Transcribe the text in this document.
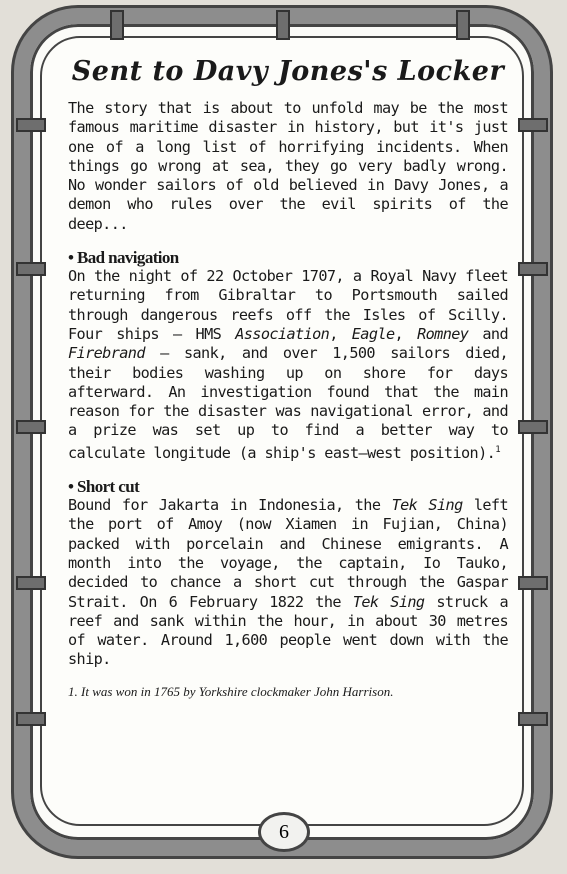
Sent to Davy Jones's Locker

The story that is about to unfold may be the most famous maritime disaster in history, but it's just one of a long list of horrifying incidents. When things go wrong at sea, they go very badly wrong. No wonder sailors of old believed in Davy Jones, a demon who rules over the evil spirits of the deep...

• Bad navigation
On the night of 22 October 1707, a Royal Navy fleet returning from Gibraltar to Portsmouth sailed through dangerous reefs off the Isles of Scilly. Four ships – HMS Association, Eagle, Romney and Firebrand – sank, and over 1,500 sailors died, their bodies washing up on shore for days afterward. An investigation found that the main reason for the disaster was navigational error, and a prize was set up to find a better way to calculate longitude (a ship's east–west position).$^1$
• Short cut
Bound for Jakarta in Indonesia, the Tek Sing left the port of Amoy (now Xiamen in Fujian, China) packed with porcelain and Chinese emigrants. A month into the voyage, the captain, Io Tauko, decided to chance a short cut through the Gaspar Strait. On 6 February 1822 the Tek Sing struck a reef and sank within the hour, in about 30 metres of water. Around 1,600 people went down with the ship.
1. It was won in 1765 by Yorkshire clockmaker John Harrison.
6
